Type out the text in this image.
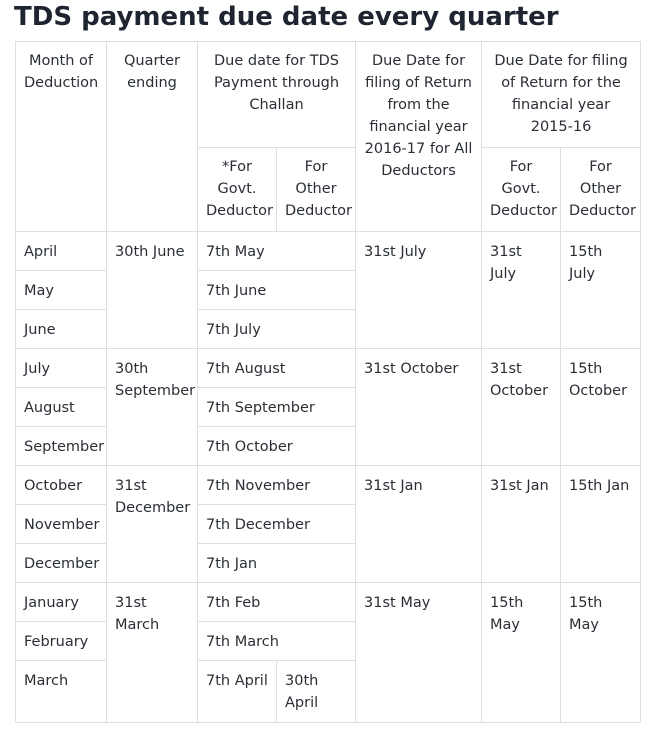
TDS payment due date every quarter
Month of Deduction	Quarter ending	Due date for TDS Payment through Challan		Due Date for filing of Return from the financial year 2016-17 for All Deductors	Due Date for filing of Return for the financial year 2015-16	
		*For Govt. Deductor	For Other Deductor		For Govt. Deductor	For Other Deductor
April	30th June	7th May		31st July	31st July	15th July
May		7th June				
June		7th July				
July	30th September	7th August		31st October	31st October	15th October
August		7th September				
September		7th October				
October	31st December	7th November		31st Jan	31st Jan	15th Jan
November		7th December				
December		7th Jan				
January	31st March	7th Feb		31st May	15th May	15th May
February		7th March				
March		7th April	30th April			
